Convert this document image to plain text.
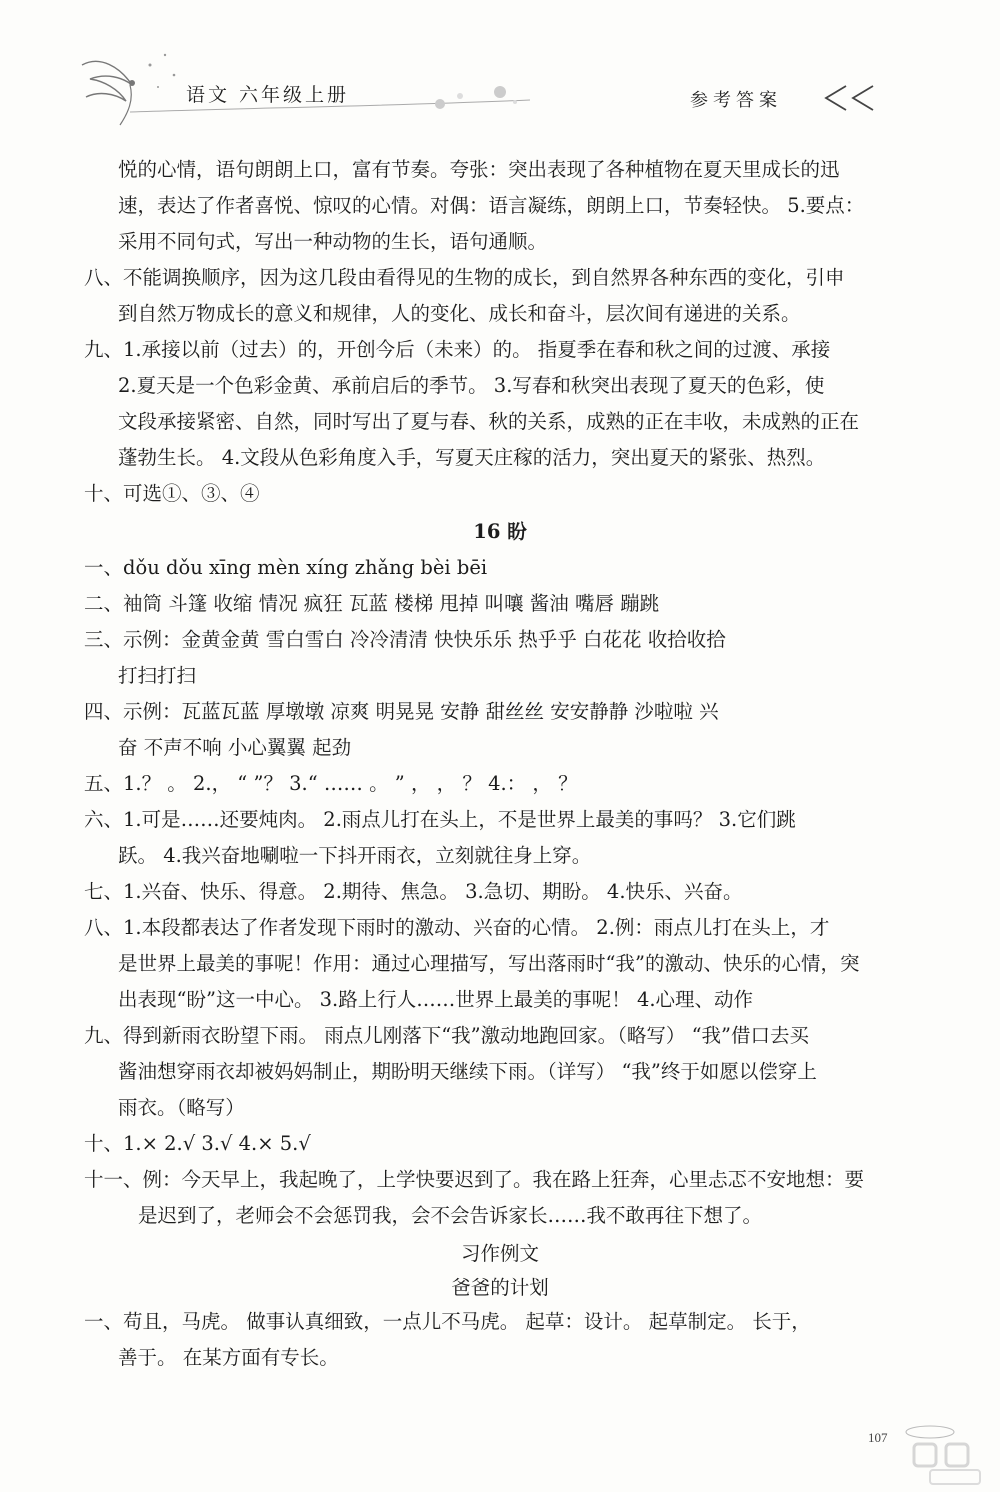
语文 六年级上册	参考答案
悦的心情，语句朗朗上口，富有节奏。夸张：突出表现了各种植物在夏天里成长的迅
速，表达了作者喜悦、惊叹的心情。对偶：语言凝练，朗朗上口，节奏轻快。 5.要点：
采用不同句式，写出一种动物的生长，语句通顺。
八、不能调换顺序，因为这几段由看得见的生物的成长，到自然界各种东西的变化，引申
到自然万物成长的意义和规律，人的变化、成长和奋斗，层次间有递进的关系。
九、1.承接以前（过去）的，开创今后（未来）的。 指夏季在春和秋之间的过渡、承接
2.夏天是一个色彩金黄、承前启后的季节。 3.写春和秋突出表现了夏天的色彩，使
文段承接紧密、自然，同时写出了夏与春、秋的关系，成熟的正在丰收，未成熟的正在
蓬勃生长。 4.文段从色彩角度入手，写夏天庄稼的活力，突出夏天的紧张、热烈。
十、可选①、③、④
16 盼
一、dǒu dǒu xīng mèn xíng zhǎng bèi bēi
二、袖筒 斗篷 收缩 情况 疯狂 瓦蓝 楼梯 甩掉 叫嚷 酱油 嘴唇 蹦跳
三、示例：金黄金黄 雪白雪白 冷冷清清 快快乐乐 热乎乎 白花花 收拾收拾
打扫打扫
四、示例：瓦蓝瓦蓝 厚墩墩 凉爽 明晃晃 安静 甜丝丝 安安静静 沙啦啦 兴
奋 不声不响 小心翼翼 起劲
五、1.？ 。 2.， “ ”？ 3.“ …… 。 ” ， ， ？ 4.： ， ？
六、1.可是……还要炖肉。 2.雨点儿打在头上，不是世界上最美的事吗？ 3.它们跳
跃。 4.我兴奋地唰啦一下抖开雨衣，立刻就往身上穿。
七、1.兴奋、快乐、得意。 2.期待、焦急。 3.急切、期盼。 4.快乐、兴奋。
八、1.本段都表达了作者发现下雨时的激动、兴奋的心情。 2.例：雨点儿打在头上，才
是世界上最美的事呢！作用：通过心理描写，写出落雨时“我”的激动、快乐的心情，突
出表现“盼”这一中心。 3.路上行人……世界上最美的事呢！ 4.心理、动作
九、得到新雨衣盼望下雨。 雨点儿刚落下“我”激动地跑回家。（略写） “我”借口去买
酱油想穿雨衣却被妈妈制止，期盼明天继续下雨。（详写） “我”终于如愿以偿穿上
雨衣。（略写）
十、1.× 2.√ 3.√ 4.× 5.√
十一、例：今天早上，我起晚了，上学快要迟到了。我在路上狂奔，心里忐忑不安地想：要
是迟到了，老师会不会惩罚我，会不会告诉家长……我不敢再往下想了。
习作例文
爸爸的计划
一、苟且，马虎。 做事认真细致，一点儿不马虎。 起草：设计。 起草制定。 长于，
善于。 在某方面有专长。
107
